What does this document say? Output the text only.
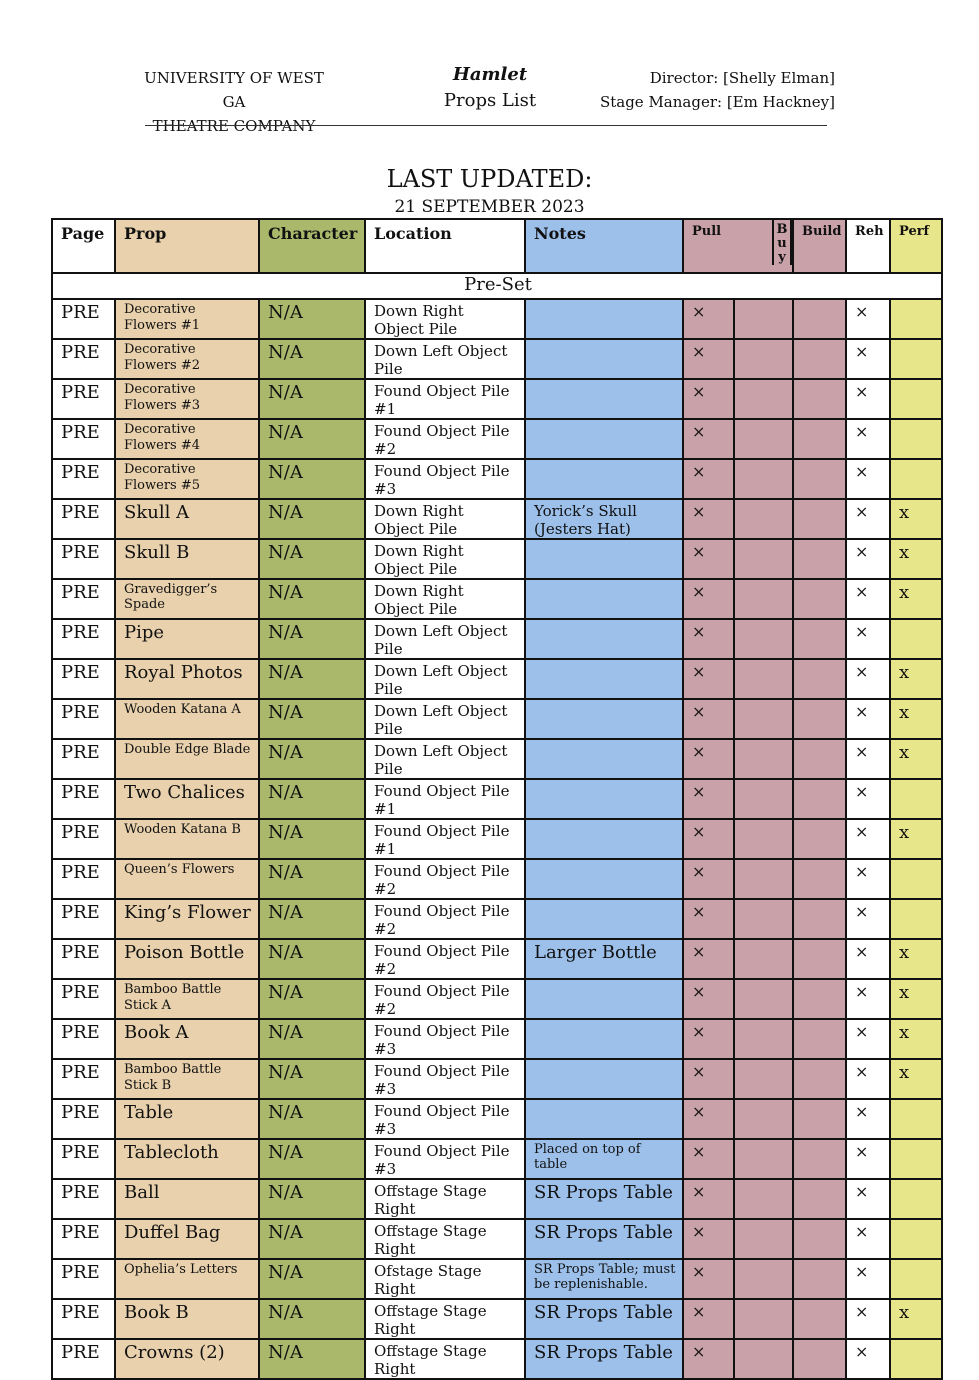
UNIVERSITY OF WEST GA
THEATRE COMPANY
Hamlet
Props List
Director: [Shelly Elman]
Stage Manager: [Em Hackney]
LAST UPDATED:
21 SEPTEMBER 2023
Page	Prop	Character	Location	Notes	Pull B u y		Build	Reh	Perf
Pre-Set									
PRE	Decorative Flowers #1	N/A	Down Right Object Pile		×			×	
PRE	Decorative Flowers #2	N/A	Down Left Object Pile		×			×	
PRE	Decorative Flowers #3	N/A	Found Object Pile #1		×			×	
PRE	Decorative Flowers #4	N/A	Found Object Pile #2		×			×	
PRE	Decorative Flowers #5	N/A	Found Object Pile #3		×			×	
PRE	Skull A	N/A	Down Right Object Pile	Yorick’s Skull (Jesters Hat)	×			×	x
PRE	Skull B	N/A	Down Right Object Pile		×			×	x
PRE	Gravedigger’s Spade	N/A	Down Right Object Pile		×			×	x
PRE	Pipe	N/A	Down Left Object Pile		×			×	
PRE	Royal Photos	N/A	Down Left Object Pile		×			×	x
PRE	Wooden Katana A	N/A	Down Left Object Pile		×			×	x
PRE	Double Edge Blade	N/A	Down Left Object Pile		×			×	x
PRE	Two Chalices	N/A	Found Object Pile #1		×			×	
PRE	Wooden Katana B	N/A	Found Object Pile #1		×			×	x
PRE	Queen’s Flowers	N/A	Found Object Pile #2		×			×	
PRE	King’s Flower	N/A	Found Object Pile #2		×			×	
PRE	Poison Bottle	N/A	Found Object Pile #2	Larger Bottle	×			×	x
PRE	Bamboo Battle Stick A	N/A	Found Object Pile #2		×			×	x
PRE	Book A	N/A	Found Object Pile #3		×			×	x
PRE	Bamboo Battle Stick B	N/A	Found Object Pile #3		×			×	x
PRE	Table	N/A	Found Object Pile #3		×			×	
PRE	Tablecloth	N/A	Found Object Pile #3	Placed on top of table	×			×	
PRE	Ball	N/A	Offstage Stage Right	SR Props Table	×			×	
PRE	Duffel Bag	N/A	Offstage Stage Right	SR Props Table	×			×	
PRE	Ophelia’s Letters	N/A	Ofstage Stage Right	SR Props Table; must be replenishable.	×			×	
PRE	Book B	N/A	Offstage Stage Right	SR Props Table	×			×	x
PRE	Crowns (2)	N/A	Offstage Stage Right	SR Props Table	×			×	
